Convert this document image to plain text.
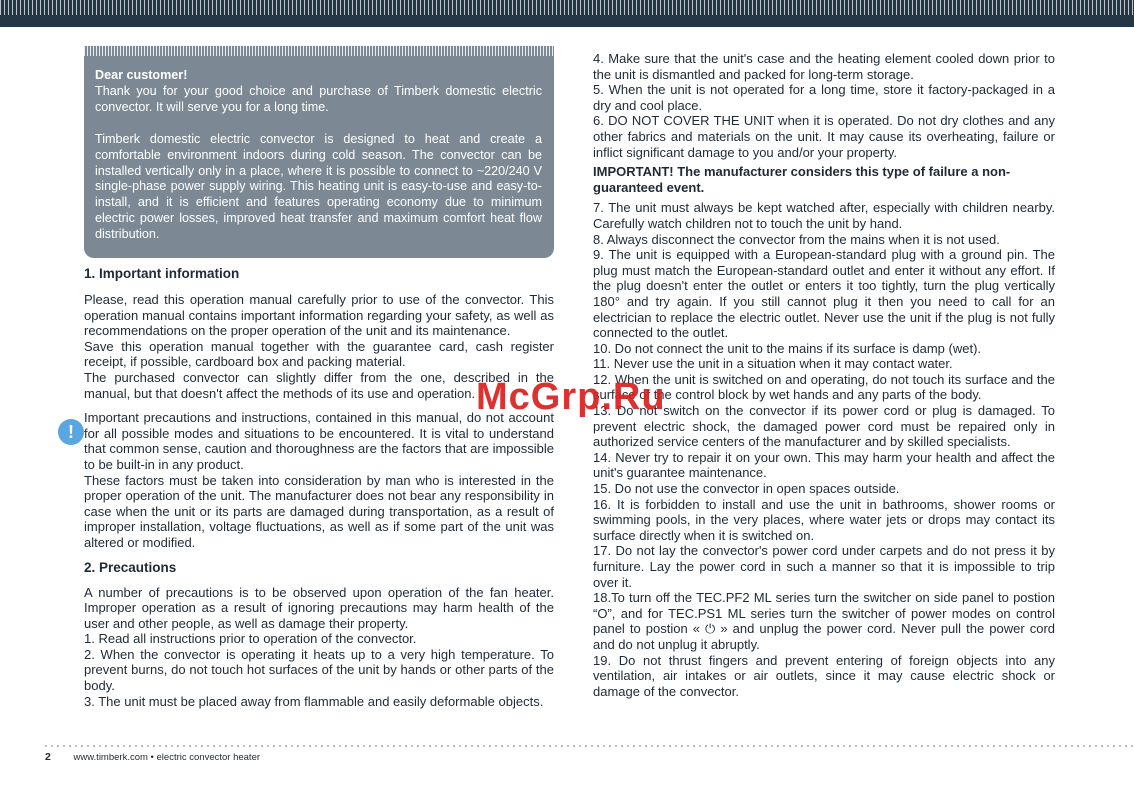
Dear customer!
Thank you for your good choice and purchase of Timberk domestic electric convector. It will serve you for a long time.

Timberk domestic electric convector is designed to heat and create a comfortable environment indoors during cold season. The convector can be installed vertically only in a place, where it is possible to connect to ~220/240 V single-phase power supply wiring. This heating unit is easy-to-use and easy-to-install, and it is efficient and features operating economy due to minimum electric power losses, improved heat transfer and maximum comfort heat flow distribution.

1. Important information

Please, read this operation manual carefully prior to use of the convector. This operation manual contains important information regarding your safety, as well as recommendations on the proper operation of the unit and its maintenance.

Save this operation manual together with the guarantee card, cash register receipt, if possible, cardboard box and packing material.

The purchased convector can slightly differ from the one, described in the manual, but that doesn't affect the methods of its use and operation.

Important precautions and instructions, contained in this manual, do not account for all possible modes and situations to be encountered. It is vital to understand that common sense, caution and thoroughness are the factors that are impossible to be built-in in any product.

These factors must be taken into consideration by man who is interested in the proper operation of the unit. The manufacturer does not bear any responsibility in case when the unit or its parts are damaged during transportation, as a result of improper installation, voltage fluctuations, as well as if some part of the unit was altered or modified.

2. Precautions

A number of precautions is to be observed upon operation of the fan heater. Improper operation as a result of ignoring precautions may harm health of the user and other people, as well as damage their property.

1. Read all instructions prior to operation of the convector.

2. When the convector is operating it heats up to a very high temperature. To prevent burns, do not touch hot surfaces of the unit by hands or other parts of the body.

3. The unit must be placed away from flammable and easily deformable objects.

!

4. Make sure that the unit's case and the heating element cooled down prior to the unit is dismantled and packed for long-term storage.

5. When the unit is not operated for a long time, store it factory-packaged in a dry and cool place.

6. DO NOT COVER THE UNIT when it is operated. Do not dry clothes and any other fabrics and materials on the unit. It may cause its overheating, failure or inflict significant damage to you and/or your property.

IMPORTANT! The manufacturer considers this type of failure a non-guaranteed event.

7. The unit must always be kept watched after, especially with children nearby. Carefully watch children not to touch the unit by hand.

8. Always disconnect the convector from the mains when it is not used.

9. The unit is equipped with a European-standard plug with a ground pin. The plug must match the European-standard outlet and enter it without any effort. If the plug doesn't enter the outlet or enters it too tightly, turn the plug vertically 180° and try again. If you still cannot plug it then you need to call for an electrician to replace the electric outlet. Never use the unit if the plug is not fully connected to the outlet.

10. Do not connect the unit to the mains if its surface is damp (wet).

11. Never use the unit in a situation when it may contact water.

12. When the unit is switched on and operating, do not touch its surface and the surface of the control block by wet hands and any parts of the body.

13. Do not switch on the convector if its power cord or plug is damaged. To prevent electric shock, the damaged power cord must be repaired only in authorized service centers of the manufacturer and by skilled specialists.

14. Never try to repair it on your own. This may harm your health and affect the unit's guarantee maintenance.

15. Do not use the convector in open spaces outside.

16. It is forbidden to install and use the unit in bathrooms, shower rooms or swimming pools, in the very places, where water jets or drops may contact its surface directly when it is switched on.

17. Do not lay the convector's power cord under carpets and do not press it by furniture. Lay the power cord in such a manner so that it is impossible to trip over it.

18.To turn off the TEC.PF2 ML series turn the switcher on side panel to postion “O”, and for TEC.PS1 ML series turn the switcher of power modes on control panel to postion « ⏻ » and unplug the power cord. Never pull the power cord and do not unplug it abruptly.

19. Do not thrust fingers and prevent entering of foreign objects into any ventilation, air intakes or air outlets, since it may cause electric shock or damage of the convector.

McGrp.Ru
2 www.timberk.com • electric convector heater
